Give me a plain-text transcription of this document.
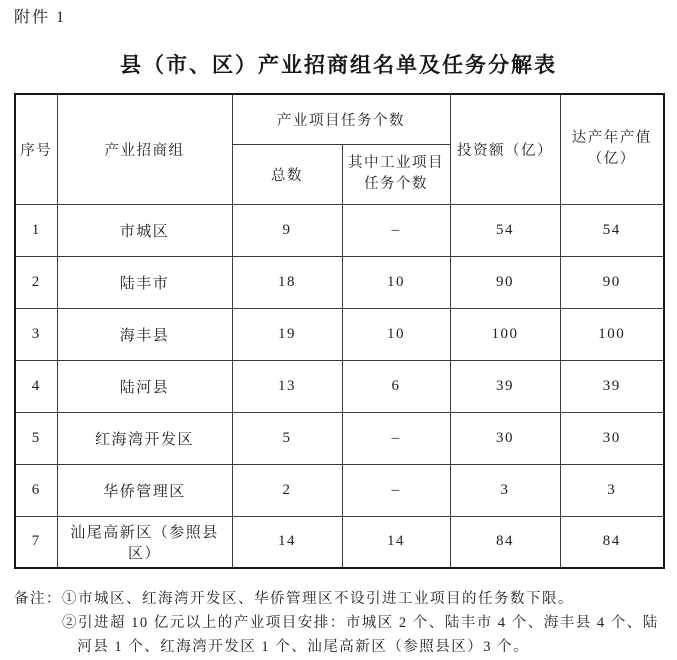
附件 1
县（市、区）产业招商组名单及任务分解表
序号	产业招商组	产业项目任务个数		投资额（亿）	达产年产值
（亿）

		总数	其中工业项目
任务个数		

1	市城区	9	–	54	54
2	陆丰市	18	10	90	90
3	海丰县	19	10	100	100
4	陆河县	13	6	39	39
5	红海湾开发区	5	–	30	30
6	华侨管理区	2	–	3	3
7	汕尾高新区（参照县区）	14	14	84	84
备注： ①市城区、红海湾开发区、华侨管理区不设引进工业项目的任务数下限。
②引进超 10 亿元以上的产业项目安排：市城区 2 个、陆丰市 4 个、海丰县 4 个、陆河县 1 个、红海湾开发区 1 个、汕尾高新区（参照县区）3 个。
